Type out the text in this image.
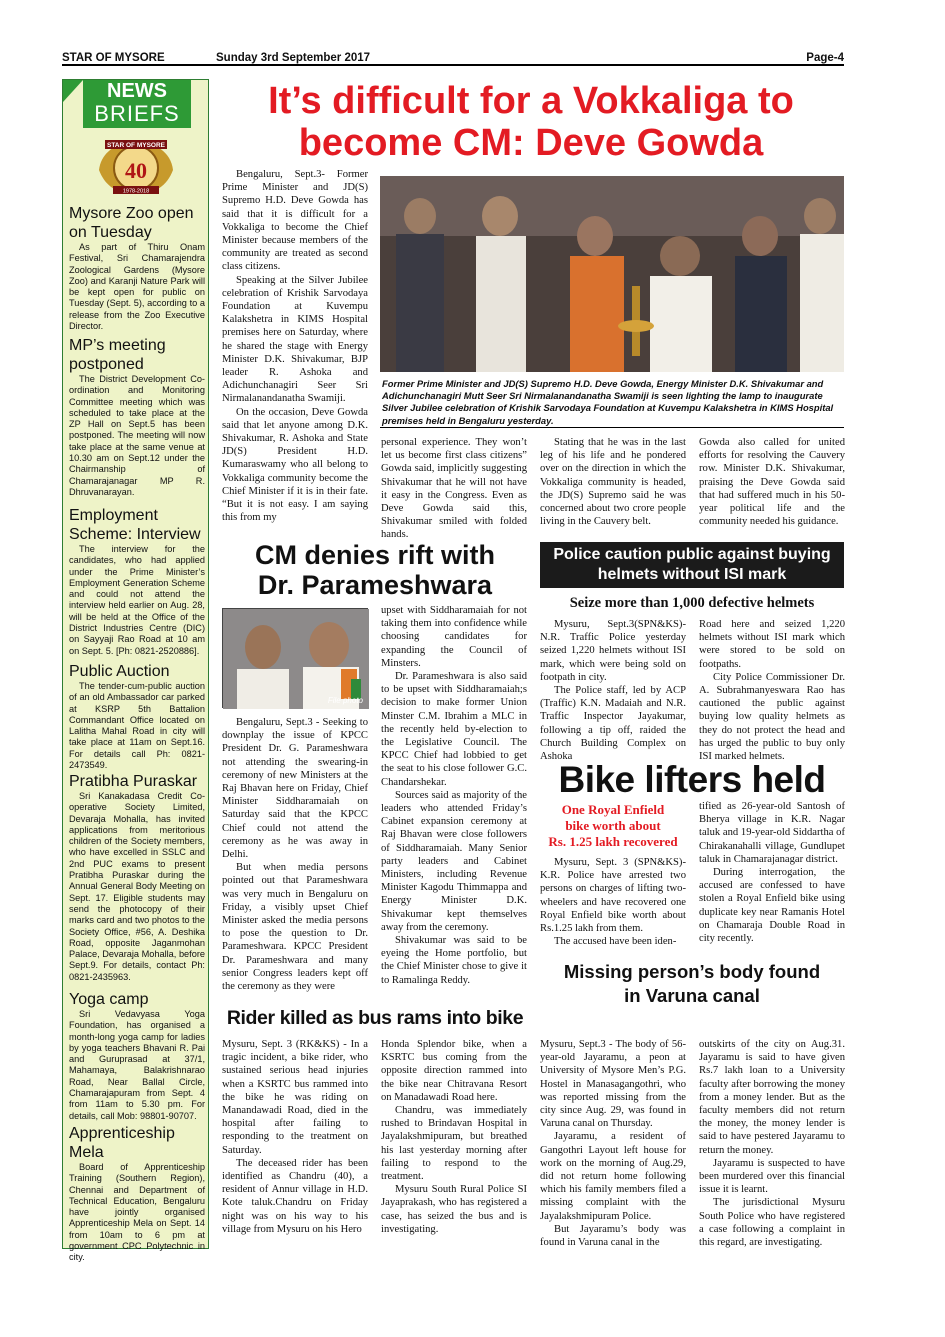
STAR OF MYSORE	Sunday 3rd September 2017	Page-4
NEWS
BRIEFS
STAR OF MYSORE
40
1978-2018
Mysore Zoo open on Tuesday
As part of Thiru Onam Festival, Sri Chamarajendra Zoological Gardens (Mysore Zoo) and Karanji Nature Park will be kept open for public on Tuesday (Sept. 5), according to a release from the Zoo Executive Director.
MP’s meeting postponed
The District Development Co-ordination and Monitoring Committee meeting which was scheduled to take place at the ZP Hall on Sept.5 has been postponed. The meeting will now take place at the same venue at 10.30 am on Sept.12 under the Chairmanship of Chamarajanagar MP R. Dhruvanarayan.
Employment Scheme: Interview
The interview for the candidates, who had applied under the Prime Minister’s Employment Generation Scheme and could not attend the interview held earlier on Aug. 28, will be held at the Office of the District Industries Centre (DIC) on Sayyaji Rao Road at 10 am on Sept. 5. [Ph: 0821-2520886].
Public Auction
The tender-cum-public auction of an old Ambassador car parked at KSRP 5th Battalion Commandant Office located on Lalitha Mahal Road in city will take place at 11am on Sept.16. For details call Ph: 0821-2473549.
Pratibha Puraskar
Sri Kanakadasa Credit Co-operative Society Limited, Devaraja Mohalla, has invited applications from meritorious children of the Society members, who have excelled in SSLC and 2nd PUC exams to present Pratibha Puraskar during the Annual General Body Meeting on Sept. 17. Eligible students may send the photocopy of their marks card and two photos to the Society Office, #56, A. Deshika Road, opposite Jaganmohan Palace, Devaraja Mohalla, before Sept.9. For details, contact Ph: 0821-2435963.
Yoga camp
Sri Vedavyasa Yoga Foundation, has organised a month-long yoga camp for ladies by yoga teachers Bhavani R. Pai and Guruprasad at 37/1, Mahamaya, Balakrishnarao Road, Near Ballal Circle, Chamarajapuram from Sept. 4 from 11am to 5.30 pm. For details, call Mob: 98801-90707.
Apprenticeship Mela
Board of Apprenticeship Training (Southern Region), Chennai and Department of Technical Education, Bengaluru have jointly organised Apprenticeship Mela on Sept. 14 from 10am to 6 pm at government CPC Polytechnic in city.
It’s difficult for a Vokkaliga to
become CM: Deve Gowda

Bengaluru, Sept.3- Former Prime Minister and JD(S) Supremo H.D. Deve Gowda has said that it is difficult for a Vokkaliga to become the Chief Minister because members of the community are treated as second class citizens.

Speaking at the Silver Jubilee celebration of Krishik Sarvodaya Foundation at Kuvempu Kalakshetra in KIMS Hospital premises here on Saturday, where he shared the stage with Energy Minister D.K. Shivakumar, BJP leader R. Ashoka and Adichunchanagiri Seer Sri Nirmalanandanatha Swamiji.

On the occasion, Deve Gowda said that let anyone among D.K. Shivakumar, R. Ashoka and State JD(S) President H.D. Kumaraswamy who all belong to Vokkaliga community become the Chief Minister if it is in their fate. “But it is not easy. I am saying this from my

Former Prime Minister and JD(S) Supremo H.D. Deve Gowda, Energy Minister D.K. Shivakumar and Adichunchanagiri Mutt Seer Sri Nirmalanandanatha Swamiji is seen lighting the lamp to inaugurate Silver Jubilee celebration of Krishik Sarvodaya Foundation at Kuvempu Kalakshetra in KIMS Hospital premises held in Bengaluru yesterday.
personal experience. They won’t let us become first class citizens” Gowda said, implicitly suggesting Shivakumar that he will not have it easy in the Congress. Even as Deve Gowda said this, Shivakumar smiled with folded hands.

Stating that he was in the last leg of his life and he pondered over on the direction in which the Vokkaliga community is headed, the JD(S) Supremo said he was concerned about two crore people living in the Cauvery belt.

Gowda also called for united efforts for resolving the Cauvery row. Minister D.K. Shivakumar, praising the Deve Gowda said that had suffered much in his 50-year political life and the community needed his guidance.
CM denies rift with
Dr. Parameshwara
File photo

Bengaluru, Sept.3 - Seeking to downplay the issue of KPCC President Dr. G. Parameshwara not attending the swearing-in ceremony of new Ministers at the Raj Bhavan here on Friday, Chief Minister Siddharamaiah on Saturday said that the KPCC Chief could not attend the ceremony as he was away in Delhi.

But when media persons pointed out that Parameshwara was very much in Bengaluru on Friday, a visibly upset Chief Minister asked the media persons to pose the question to Dr. Parameshwara. KPCC President Dr. Parameshwara and many senior Congress leaders kept off the ceremony as they were

upset with Siddharamaiah for not taking them into confidence while choosing candidates for expanding the Council of Minsters.

Dr. Parameshwara is also said to be upset with Siddharamaiah;s decision to make former Union Minster C.M. Ibrahim a MLC in the recently held by-election to the Legislative Council. The KPCC Chief had lobbied to get the seat to his close follower G.C. Chandarshekar.

Sources said as majority of the leaders who attended Friday’s Cabinet expansion ceremony at Raj Bhavan were close followers of Siddharamaiah. Many Senior party leaders and Cabinet Ministers, including Revenue Minister Kagodu Thimmappa and Energy Minister D.K. Shivakumar kept themselves away from the ceremony.

Shivakumar was said to be eyeing the Home portfolio, but the Chief Minister chose to give it to Ramalinga Reddy.

Police caution public against buying
helmets without ISI mark
Seize more than 1,000 defective helmets

Mysuru, Sept.3(SPN&KS)- N.R. Traffic Police yesterday seized 1,220 helmets without ISI mark, which were being sold on footpath in city.

The Police staff, led by ACP (Traffic) K.N. Madaiah and N.R. Traffic Inspector Jayakumar, following a tip off, raided the Church Building Complex on Ashoka

Road here and seized 1,220 helmets without ISI mark which were stored to be sold on footpaths.

City Police Commissioner Dr. A. Subrahmanyeswara Rao has cautioned the public against buying low quality helmets as they do not protect the head and has urged the public to buy only ISI marked helmets.

Bike lifters held
One Royal Enfield
bike worth about
Rs. 1.25 lakh recovered

Mysuru, Sept. 3 (SPN&KS)- K.R. Police have arrested two persons on charges of lifting two-wheelers and have recovered one Royal Enfield bike worth about Rs.1.25 lakh from them.

The accused have been iden-

tified as 26-year-old Santosh of Bherya village in K.R. Nagar taluk and 19-year-old Siddartha of Chirakanahalli village, Gundlupet taluk in Chamarajanagar district.

During interrogation, the accused are confessed to have stolen a Royal Enfield bike using duplicate key near Ramanis Hotel on Chamaraja Double Road in city recently.

Rider killed as bus rams into bike
Mysuru, Sept. 3 (RK&KS) - In a tragic incident, a bike rider, who sustained serious head injuries when a KSRTC bus rammed into the bike he was riding on Manandawadi Road, died in the hospital after failing to responding to the treatment on Saturday.

The deceased rider has been identified as Chandru (40), a resident of Annur village in H.D. Kote taluk.Chandru on Friday night was on his way to his village from Mysuru on his Hero

Honda Splendor bike, when a KSRTC bus coming from the opposite direction rammed into the bike near Chitravana Resort on Manadawadi Road here.

Chandru, was immediately rushed to Brindavan Hospital in Jayalakshmipuram, but breathed his last yesterday morning after failing to respond to the treatment.

Mysuru South Rural Police SI Jayaprakash, who has registered a case, has seized the bus and is investigating.

Missing person’s body found
in Varuna canal
Mysuru, Sept.3 - The body of 56-year-old Jayaramu, a peon at University of Mysore Men’s P.G. Hostel in Manasagangothri, who was reported missing from the city since Aug. 29, was found in Varuna canal on Thursday.

Jayaramu, a resident of Gangothri Layout left house for work on the morning of Aug.29, did not return home following which his family members filed a missing complaint with the Jayalakshmipuram Police.

But Jayaramu’s body was found in Varuna canal in the

outskirts of the city on Aug.31. Jayaramu is said to have given Rs.7 lakh loan to a University faculty after borrowing the money from a money lender. But as the faculty members did not return the money, the money lender is said to have pestered Jayaramu to return the money.

Jayaramu is suspected to have been murdered over this financial issue it is learnt.

The jurisdictional Mysuru South Police who have registered a case following a complaint in this regard, are investigating.
